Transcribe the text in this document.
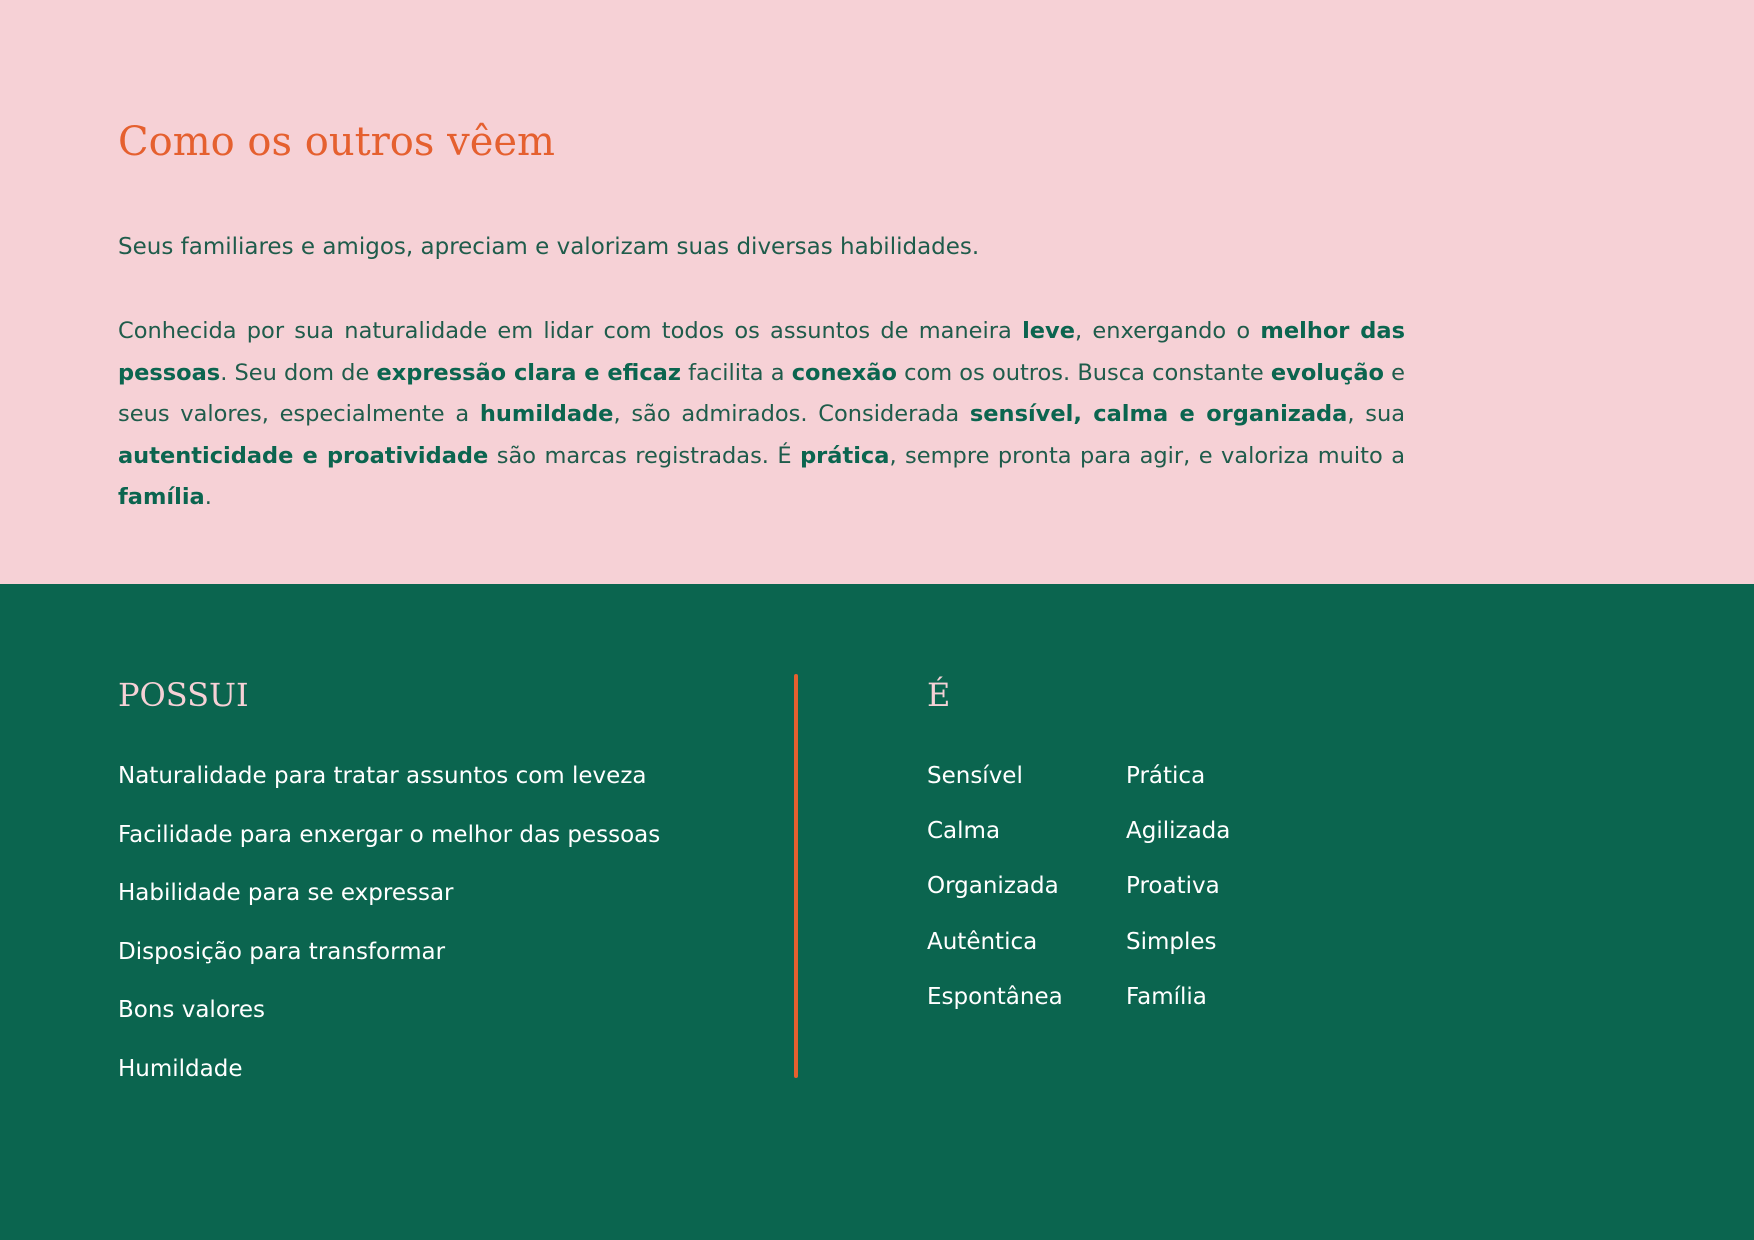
Como os outros vêem

Seus familiares e amigos, apreciam e valorizam suas diversas habilidades.

Conhecida por sua naturalidade em lidar com todos os assuntos de maneira leve, enxergando o melhor das pessoas. Seu dom de expressão clara e eficaz facilita a conexão com os outros. Busca constante evolução e seus valores, especialmente a humildade, são admirados. Considerada sensível, calma e organizada, sua autenticidade e proatividade são marcas registradas. É prática, sempre pronta para agir, e valoriza muito a família.

POSSUI	É
Naturalidade para tratar assuntos com leveza
Facilidade para enxergar o melhor das pessoas
Habilidade para se expressar
Disposição para transformar
Bons valores
Humildade
Sensível
Calma
Organizada
Autêntica
Espontânea
Prática
Agilizada
Proativa
Simples
Família
